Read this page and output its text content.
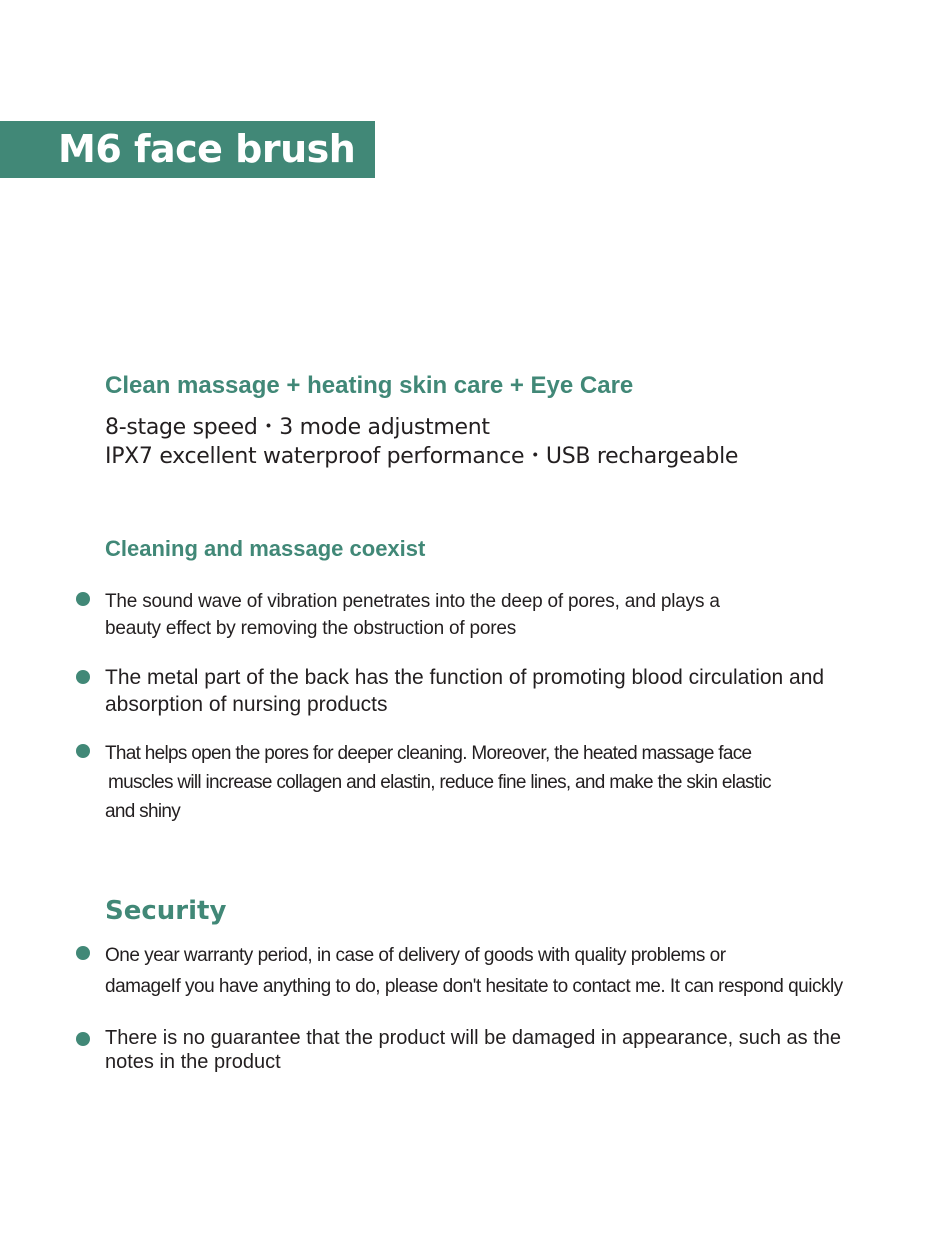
M6 face brush
Clean massage + heating skin care + Eye Care
8-stage speed・3 mode adjustment
IPX7 excellent waterproof performance・USB rechargeable
Cleaning and massage coexist
The sound wave of vibration penetrates into the deep of pores, and plays a
beauty effect by removing the obstruction of pores
The metal part of the back has the function of promoting blood circulation and
absorption of nursing products
That helps open the pores for deeper cleaning. Moreover, the heated massage face
muscles will increase collagen and elastin, reduce fine lines, and make the skin elastic
and shiny
Security
One year warranty period, in case of delivery of goods with quality problems or
damageIf you have anything to do, please don't hesitate to contact me. It can respond quickly
There is no guarantee that the product will be damaged in appearance, such as the
notes in the product
